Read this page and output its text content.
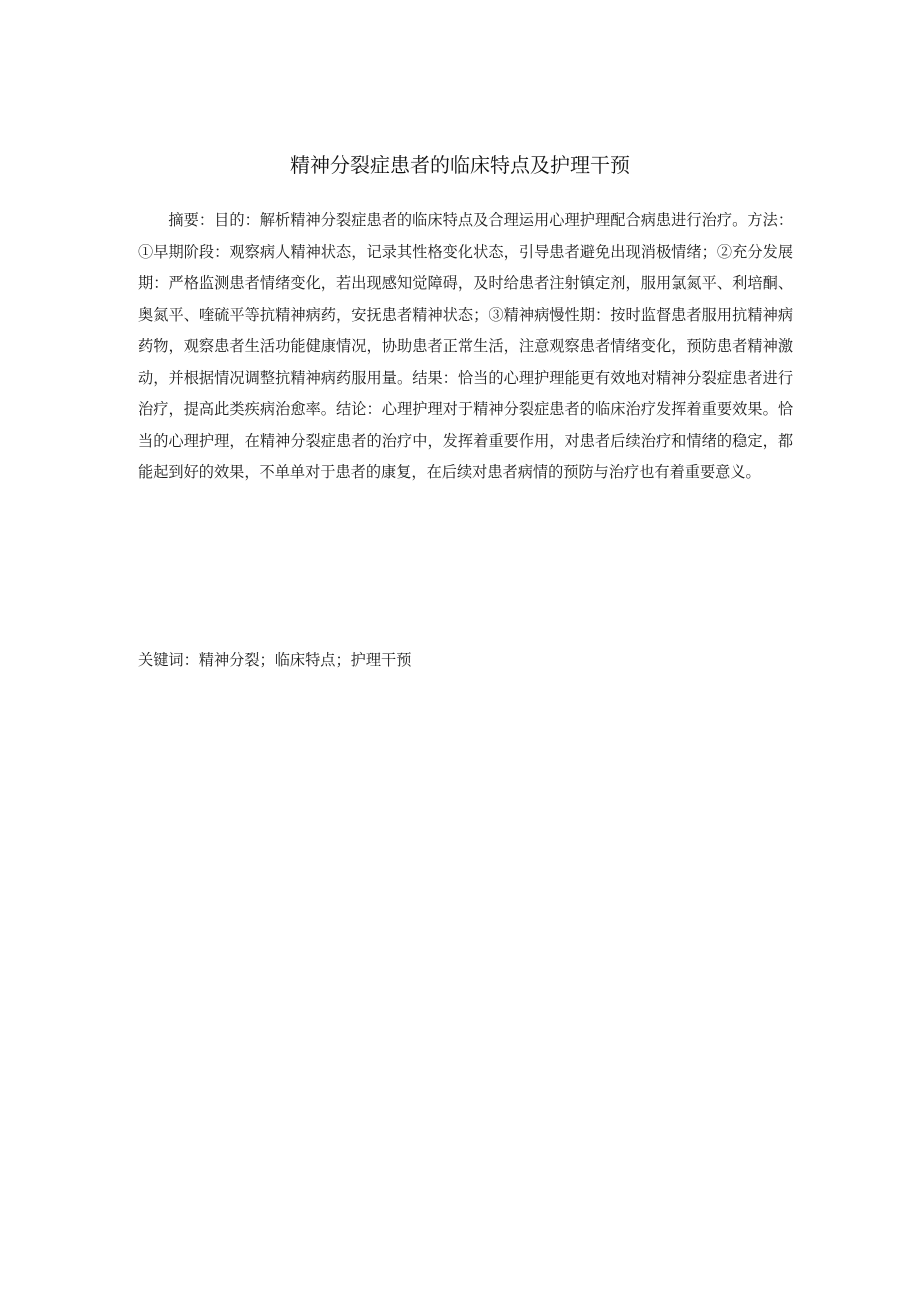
精神分裂症患者的临床特点及护理干预

摘要：目的：解析精神分裂症患者的临床特点及合理运用心理护理配合病患进行治疗。方法：①早期阶段：观察病人精神状态，记录其性格变化状态，引导患者避免出现消极情绪；②充分发展期：严格监测患者情绪变化，若出现感知觉障碍，及时给患者注射镇定剂，服用氯氮平、利培酮、奥氮平、喹硫平等抗精神病药，安抚患者精神状态；③精神病慢性期：按时监督患者服用抗精神病药物，观察患者生活功能健康情况，协助患者正常生活，注意观察患者情绪变化，预防患者精神激动，并根据情况调整抗精神病药服用量。结果：恰当的心理护理能更有效地对精神分裂症患者进行治疗，提高此类疾病治愈率。结论：心理护理对于精神分裂症患者的临床治疗发挥着重要效果。恰当的心理护理，在精神分裂症患者的治疗中，发挥着重要作用，对患者后续治疗和情绪的稳定，都能起到好的效果，不单单对于患者的康复，在后续对患者病情的预防与治疗也有着重要意义。

关键词：精神分裂；临床特点；护理干预
